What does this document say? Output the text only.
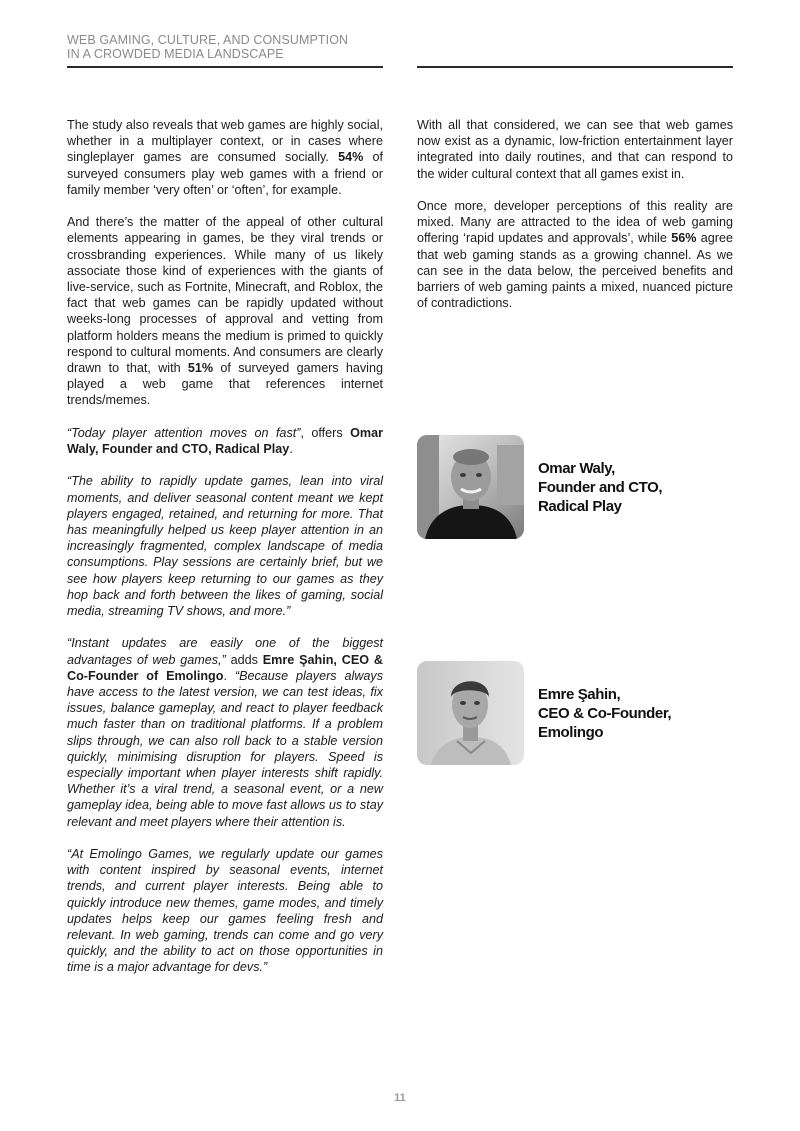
WEB GAMING, CULTURE, AND CONSUMPTION
IN A CROWDED MEDIA LANDSCAPE

The study also reveals that web games are highly social, whether in a multiplayer context, or in cases where singleplayer games are consumed socially. 54% of surveyed consumers play web games with a friend or family member ‘very often’ or ‘often’, for example.

And there’s the matter of the appeal of other cultural elements appearing in games, be they viral trends or crossbranding experiences. While many of us likely associate those kind of experiences with the giants of live-service, such as Fortnite, Minecraft, and Roblox, the fact that web games can be rapidly updated without weeks-long processes of approval and vetting from platform holders means the medium is primed to quickly respond to cultural moments. And consumers are clearly drawn to that, with 51% of surveyed gamers having played a web game that references internet trends/memes.

“Today player attention moves on fast”, offers Omar Waly, Founder and CTO, Radical Play.

“The ability to rapidly update games, lean into viral moments, and deliver seasonal content meant we kept players engaged, retained, and returning for more. That has meaningfully helped us keep player attention in an increasingly fragmented, complex landscape of media consumptions. Play sessions are certainly brief, but we see how players keep returning to our games as they hop back and forth between the likes of gaming, social media, streaming TV shows, and more.”

“Instant updates are easily one of the biggest advantages of web games,” adds Emre Şahin, CEO & Co-Founder of Emolingo. “Because players always have access to the latest version, we can test ideas, fix issues, balance gameplay, and react to player feedback much faster than on traditional platforms. If a problem slips through, we can also roll back to a stable version quickly, minimising disruption for players. Speed is especially important when player interests shift rapidly. Whether it’s a viral trend, a seasonal event, or a new gameplay idea, being able to move fast allows us to stay relevant and meet players where their attention is.

“At Emolingo Games, we regularly update our games with content inspired by seasonal events, internet trends, and current player interests. Being able to quickly introduce new themes, game modes, and timely updates helps keep our games feeling fresh and relevant. In web gaming, trends can come and go very quickly, and the ability to act on those opportunities in time is a major advantage for devs.”

With all that considered, we can see that web games now exist as a dynamic, low-friction entertainment layer integrated into daily routines, and that can respond to the wider cultural context that all games exist in.

Once more, developer perceptions of this reality are mixed. Many are attracted to the idea of web gaming offering ‘rapid updates and approvals’, while 56% agree that web gaming stands as a growing channel. As we can see in the data below, the perceived benefits and barriers of web gaming paints a mixed, nuanced picture of contradictions.

Omar Waly,
Founder and CTO,
Radical Play
Emre Şahin,
CEO & Co-Founder,
Emolingo
11
